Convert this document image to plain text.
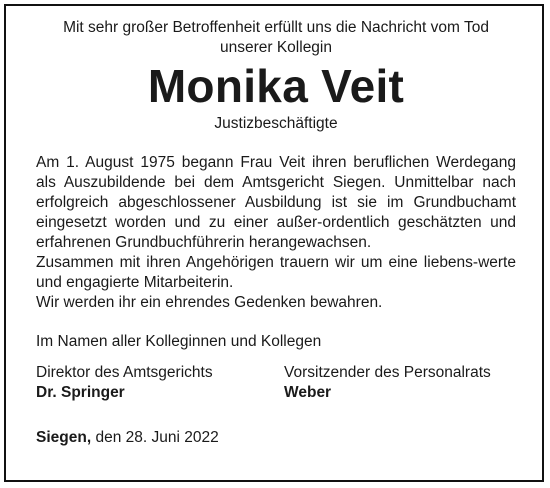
Mit sehr großer Betroffenheit erfüllt uns die Nachricht vom Tod unserer Kollegin

Monika Veit

Justizbeschäftigte

Am 1. August 1975 begann Frau Veit ihren beruflichen Werdegang als Auszubildende bei dem Amtsgericht Siegen. Unmittelbar nach erfolgreich abgeschlossener Ausbildung ist sie im Grundbuchamt eingesetzt worden und zu einer außer-ordentlich geschätzten und erfahrenen Grundbuchführerin herangewachsen.

Zusammen mit ihren Angehörigen trauern wir um eine liebens-werte und engagierte Mitarbeiterin.

Wir werden ihr ein ehrendes Gedenken bewahren.

Im Namen aller Kolleginnen und Kollegen

Direktor des Amtsgerichts
Dr. Springer
Vorsitzender des Personalrats
Weber
Siegen, den 28. Juni 2022
